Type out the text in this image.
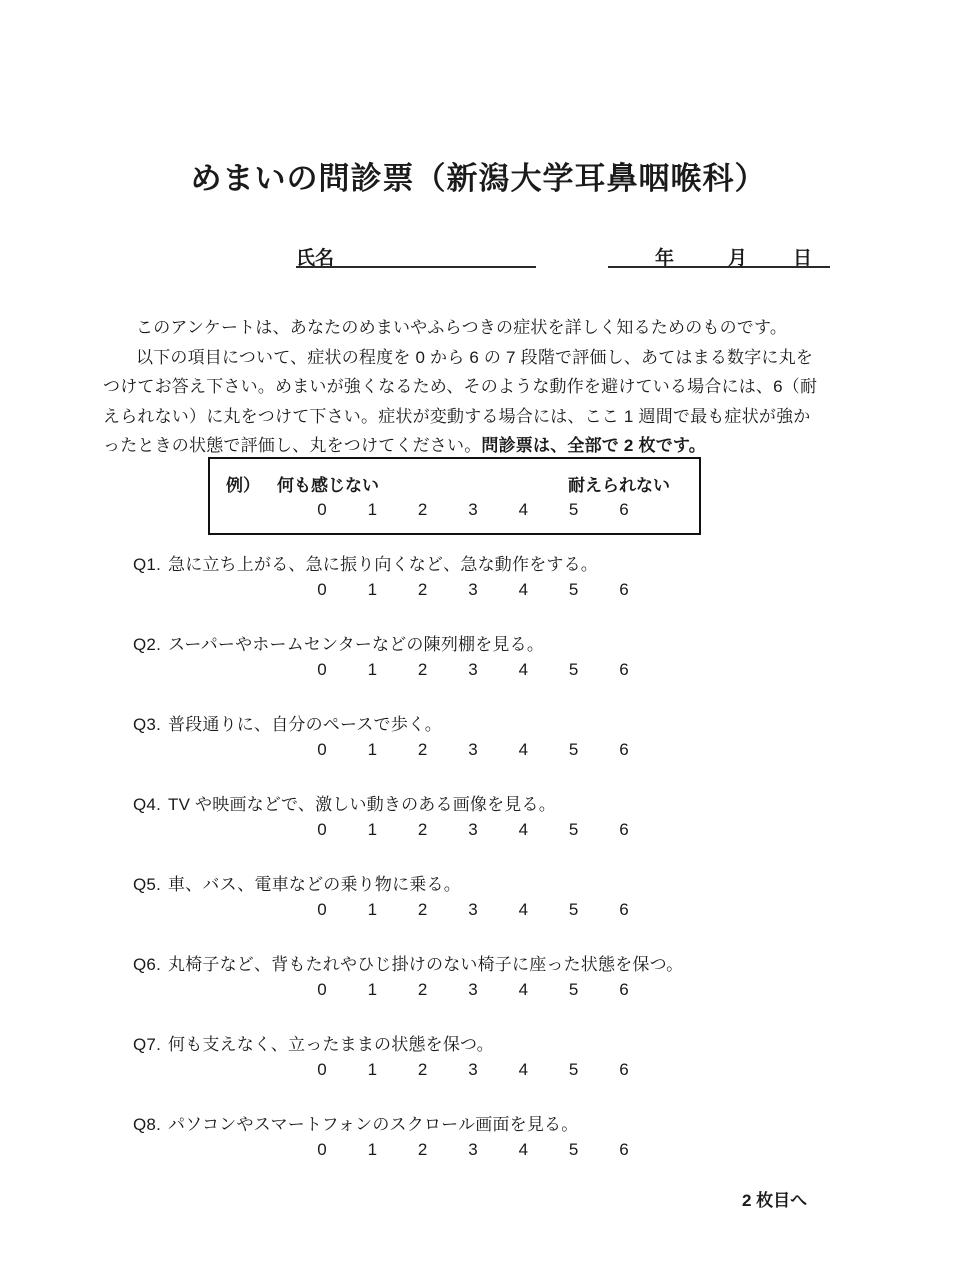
めまいの問診票（新潟大学耳鼻咽喉科）
氏名	年	月 日
このアンケートは、あなたのめまいやふらつきの症状を詳しく知るためのものです。
以下の項目について、症状の程度を 0 から 6 の 7 段階で評価し、あてはまる数字に丸を
つけてお答え下さい。めまいが強くなるため、そのような動作を避けている場合には、6（耐
えられない）に丸をつけて下さい。症状が変動する場合には、ここ 1 週間で最も症状が強か
ったときの状態で評価し、丸をつけてください。問診票は、全部で 2 枚です。
例） 何も感じない	耐えられない
0	1	2	3	4	5	6
Q1. 急に立ち上がる、急に振り向くなど、急な動作をする。
0	1	2	3	4	5	6
Q2. スーパーやホームセンターなどの陳列棚を見る。
0	1	2	3	4	5	6
Q3. 普段通りに、自分のペースで歩く。
0	1	2	3	4	5	6
Q4. TV や映画などで、激しい動きのある画像を見る。
0	1	2	3	4	5	6
Q5. 車、バス、電車などの乗り物に乗る。
0	1	2	3	4	5	6
Q6. 丸椅子など、背もたれやひじ掛けのない椅子に座った状態を保つ。
0	1	2	3	4	5	6
Q7. 何も支えなく、立ったままの状態を保つ。
0	1	2	3	4	5	6
Q8. パソコンやスマートフォンのスクロール画面を見る。
0	1	2	3	4	5	6
2 枚目へ
